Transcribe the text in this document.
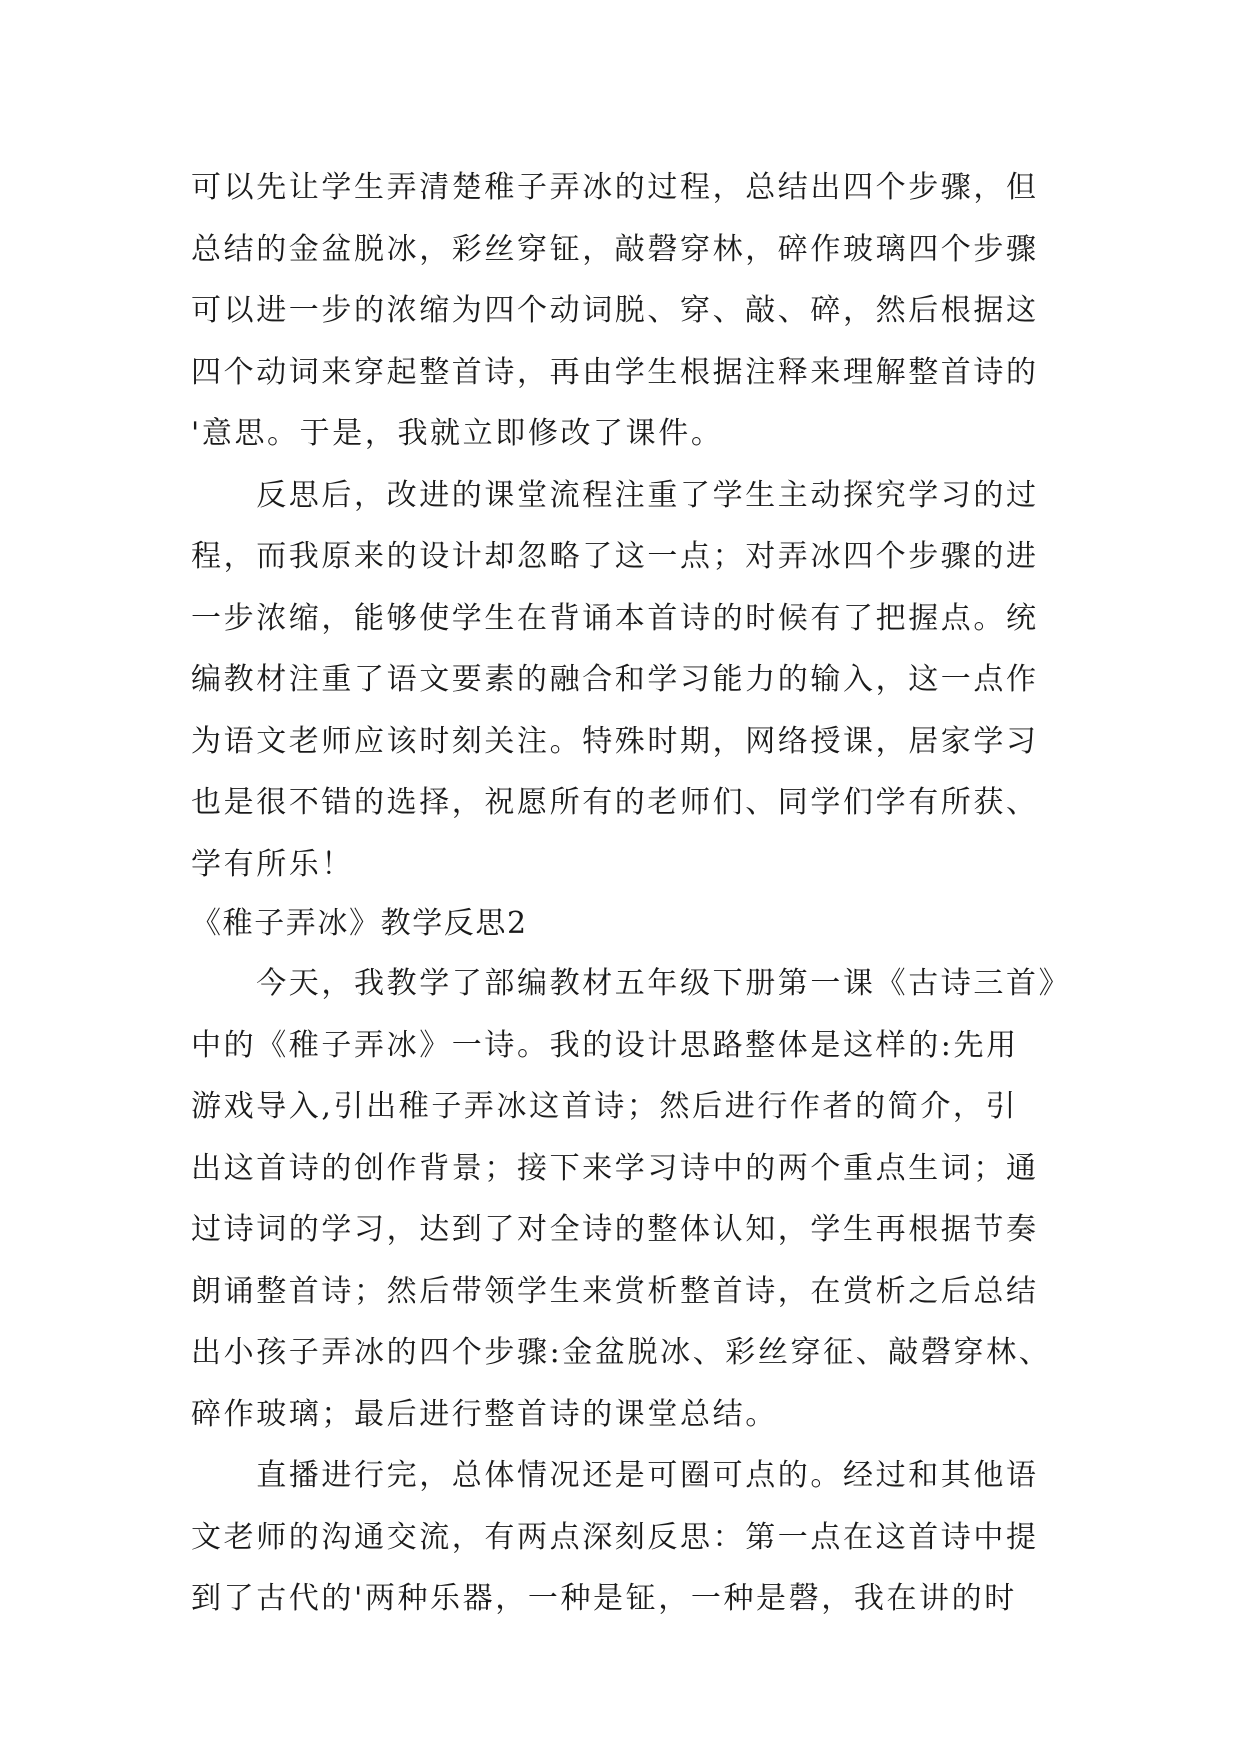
可以先让学生弄清楚稚子弄冰的过程，总结出四个步骤，但
总结的金盆脱冰，彩丝穿钲，敲磬穿林，碎作玻璃四个步骤
可以进一步的浓缩为四个动词脱、穿、敲、碎，然后根据这
四个动词来穿起整首诗，再由学生根据注释来理解整首诗的
'意思。于是，我就立即修改了课件。
　　反思后，改进的课堂流程注重了学生主动探究学习的过
程，而我原来的设计却忽略了这一点；对弄冰四个步骤的进
一步浓缩，能够使学生在背诵本首诗的时候有了把握点。统
编教材注重了语文要素的融合和学习能力的输入，这一点作
为语文老师应该时刻关注。特殊时期，网络授课，居家学习
也是很不错的选择，祝愿所有的老师们、同学们学有所获、
学有所乐！
《稚子弄冰》教学反思2
　　今天，我教学了部编教材五年级下册第一课《古诗三首》
中的《稚子弄冰》一诗。我的设计思路整体是这样的:先用
游戏导入,引出稚子弄冰这首诗；然后进行作者的简介，引
出这首诗的创作背景；接下来学习诗中的两个重点生词；通
过诗词的学习，达到了对全诗的整体认知，学生再根据节奏
朗诵整首诗；然后带领学生来赏析整首诗，在赏析之后总结
出小孩子弄冰的四个步骤:金盆脱冰、彩丝穿征、敲磬穿林、
碎作玻璃；最后进行整首诗的课堂总结。
　　直播进行完，总体情况还是可圈可点的。经过和其他语
文老师的沟通交流，有两点深刻反思：第一点在这首诗中提
到了古代的'两种乐器，一种是钲，一种是磬，我在讲的时
